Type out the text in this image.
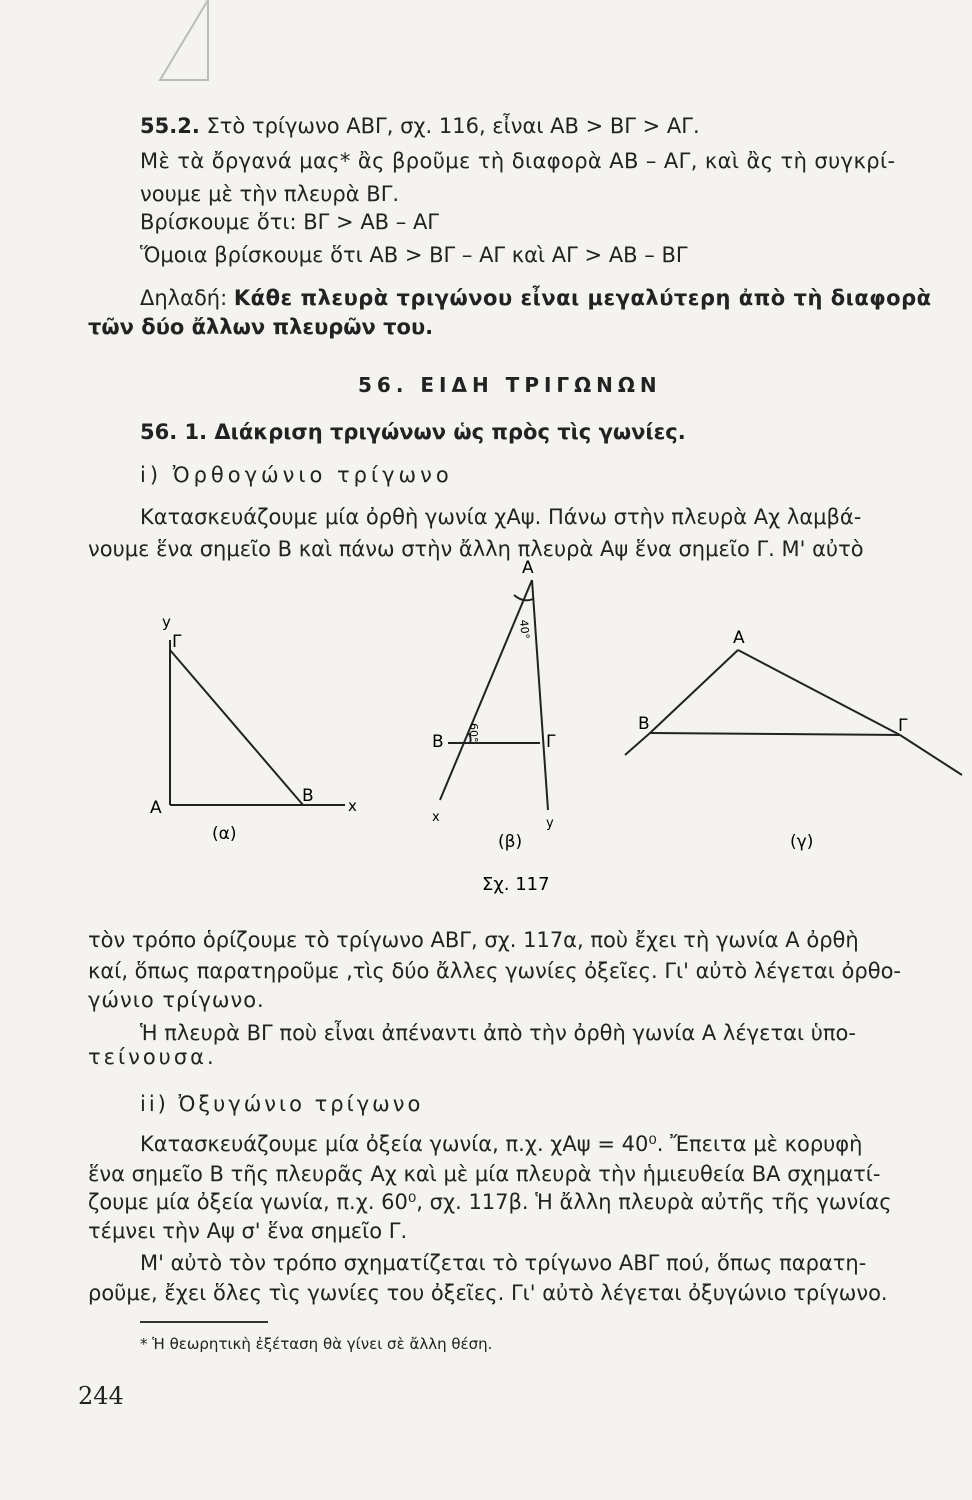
55.2. Στὸ τρίγωνο ΑΒΓ, σχ. 116, εἶναι ΑΒ > ΒΓ > ΑΓ.
Μὲ τὰ ὄργανά μας* ἂς βροῦμε τὴ διαφορὰ ΑΒ – ΑΓ, καὶ ἂς τὴ συγκρί-
νουμε μὲ τὴν πλευρὰ ΒΓ.
Βρίσκουμε ὅτι: ΒΓ > ΑΒ – ΑΓ
Ὅμοια βρίσκουμε ὅτι ΑΒ > ΒΓ – ΑΓ καὶ ΑΓ > ΑΒ – ΒΓ
Δηλαδή: Κάθε πλευρὰ τριγώνου εἶναι μεγαλύτερη ἀπὸ τὴ διαφορὰ
τῶν δύο ἄλλων πλευρῶν του.
56. ΕΙΔΗ ΤΡΙΓΩΝΩΝ
56. 1. Διάκριση τριγώνων ὡς πρὸς τὶς γωνίες.
i) Ὀρθογώνιο τρίγωνο
Κατασκευάζουμε μία ὀρθὴ γωνία χΑψ. Πάνω στὴν πλευρὰ Αχ λαμβά-
νουμε ἕνα σημεῖο Β καὶ πάνω στὴν ἄλλη πλευρὰ Αψ ἕνα σημεῖο Γ. Μ' αὐτὸ
y
Γ
Α
Β x
(α)
Α
40°
Β 60°	Γ
x	y
(β)
Α
Β	Γ
(γ)
Σχ. 117
τὸν τρόπο ὁρίζουμε τὸ τρίγωνο ΑΒΓ, σχ. 117α, ποὺ ἔχει τὴ γωνία Α ὀρθὴ
καί, ὅπως παρατηροῦμε ,τὶς δύο ἄλλες γωνίες ὀξεῖες. Γι' αὐτὸ λέγεται ὀρθο-
γώνιο τρίγωνο.
Ἡ πλευρὰ ΒΓ ποὺ εἶναι ἀπέναντι ἀπὸ τὴν ὀρθὴ γωνία Α λέγεται ὑπο-
τείνουσα.
ii) Ὀξυγώνιο τρίγωνο
Κατασκευάζουμε μία ὀξεία γωνία, π.χ. χΑψ = 40⁰. Ἔπειτα μὲ κορυφὴ
ἕνα σημεῖο Β τῆς πλευρᾶς Αχ καὶ μὲ μία πλευρὰ τὴν ἡμιευθεία ΒΑ σχηματί-
ζουμε μία ὀξεία γωνία, π.χ. 60⁰, σχ. 117β. Ἡ ἄλλη πλευρὰ αὐτῆς τῆς γωνίας
τέμνει τὴν Αψ σ' ἕνα σημεῖο Γ.
Μ' αὐτὸ τὸν τρόπο σχηματίζεται τὸ τρίγωνο ΑΒΓ πού, ὅπως παρατη-
ροῦμε, ἔχει ὅλες τὶς γωνίες του ὀξεῖες. Γι' αὐτὸ λέγεται ὀξυγώνιο τρίγωνο.
* Ἡ θεωρητικὴ ἐξέταση θὰ γίνει σὲ ἄλλη θέση.
244
